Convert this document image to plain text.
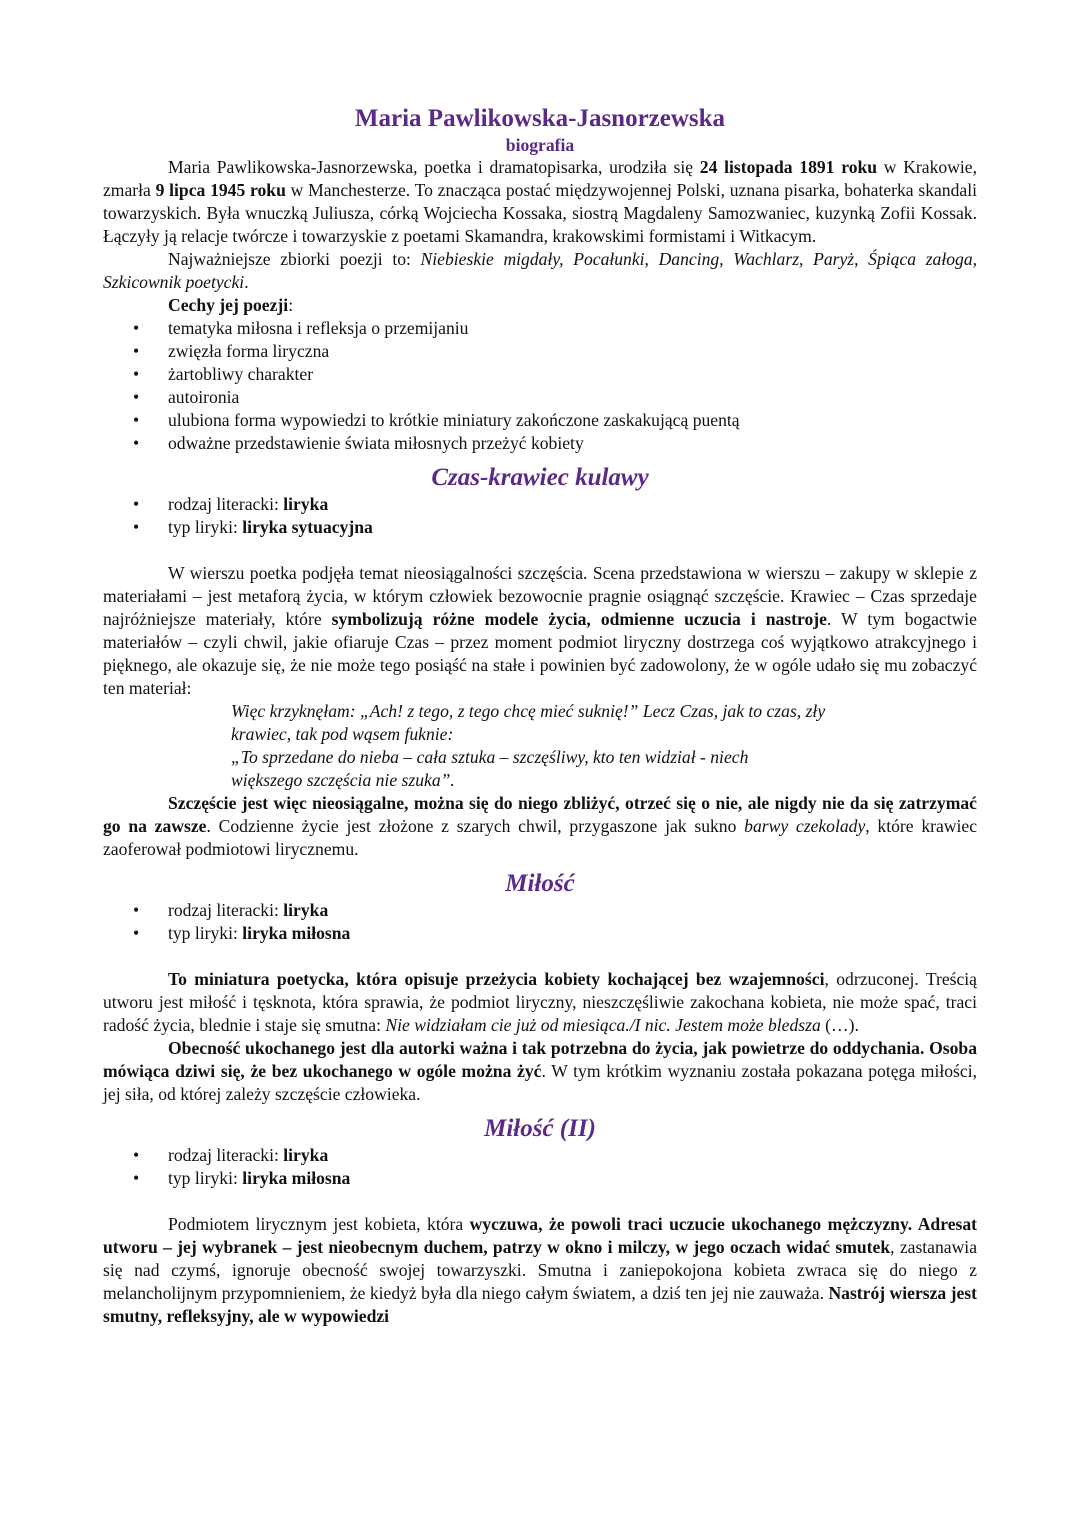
Maria Pawlikowska-Jasnorzewska
biografia

Maria Pawlikowska-Jasnorzewska, poetka i dramatopisarka, urodziła się 24 listopada 1891 roku w Krakowie, zmarła 9 lipca 1945 roku w Manchesterze. To znacząca postać międzywojennej Polski, uznana pisarka, bohaterka skandali towarzyskich. Była wnuczką Juliusza, córką Wojciecha Kossaka, siostrą Magdaleny Samozwaniec, kuzynką Zofii Kossak. Łączyły ją relacje twórcze i towarzyskie z poetami Skamandra, krakowskimi formistami i Witkacym.

Najważniejsze zbiorki poezji to: Niebieskie migdały, Pocałunki, Dancing, Wachlarz, Paryż, Śpiąca załoga, Szkicownik poetycki.

Cechy jej poezji:

• tematyka miłosna i refleksja o przemijaniu
• zwięzła forma liryczna
• żartobliwy charakter
• autoironia
• ulubiona forma wypowiedzi to krótkie miniatury zakończone zaskakującą puentą
• odważne przedstawienie świata miłosnych przeżyć kobiety
Czas-krawiec kulawy
• rodzaj literacki: liryka
• typ liryki: liryka sytuacyjna

W wierszu poetka podjęła temat nieosiągalności szczęścia. Scena przedstawiona w wierszu – zakupy w sklepie z materiałami – jest metaforą życia, w którym człowiek bezowocnie pragnie osiągnąć szczęście. Krawiec – Czas sprzedaje najróżniejsze materiały, które symbolizują różne modele życia, odmienne uczucia i nastroje. W tym bogactwie materiałów – czyli chwil, jakie ofiaruje Czas – przez moment podmiot liryczny dostrzega coś wyjątkowo atrakcyjnego i pięknego, ale okazuje się, że nie może tego posiąść na stałe i powinien być zadowolony, że w ogóle udało się mu zobaczyć ten materiał:

Więc krzyknęłam: „Ach! z tego, z tego chcę mieć suknię!” Lecz Czas, jak to czas, zły

krawiec, tak pod wąsem fuknie:

„To sprzedane do nieba – cała sztuka – szczęśliwy, kto ten widział - niech

większego szczęścia nie szuka”.

Szczęście jest więc nieosiągalne, można się do niego zbliżyć, otrzeć się o nie, ale nigdy nie da się zatrzymać go na zawsze. Codzienne życie jest złożone z szarych chwil, przygaszone jak sukno barwy czekolady, które krawiec zaoferował podmiotowi lirycznemu.

Miłość
• rodzaj literacki: liryka
• typ liryki: liryka miłosna

To miniatura poetycka, która opisuje przeżycia kobiety kochającej bez wzajemności, odrzuconej. Treścią utworu jest miłość i tęsknota, która sprawia, że podmiot liryczny, nieszczęśliwie zakochana kobieta, nie może spać, traci radość życia, blednie i staje się smutna: Nie widziałam cie już od miesiąca./I nic. Jestem może bledsza (…).

Obecność ukochanego jest dla autorki ważna i tak potrzebna do życia, jak powietrze do oddychania. Osoba mówiąca dziwi się, że bez ukochanego w ogóle można żyć. W tym krótkim wyznaniu została pokazana potęga miłości, jej siła, od której zależy szczęście człowieka.

Miłość (II)
• rodzaj literacki: liryka
• typ liryki: liryka miłosna

Podmiotem lirycznym jest kobieta, która wyczuwa, że powoli traci uczucie ukochanego mężczyzny. Adresat utworu – jej wybranek – jest nieobecnym duchem, patrzy w okno i milczy, w jego oczach widać smutek, zastanawia się nad czymś, ignoruje obecność swojej towarzyszki. Smutna i zaniepokojona kobieta zwraca się do niego z melancholijnym przypomnieniem, że kiedyż była dla niego całym światem, a dziś ten jej nie zauważa. Nastrój wiersza jest smutny, refleksyjny, ale w wypowiedzi
